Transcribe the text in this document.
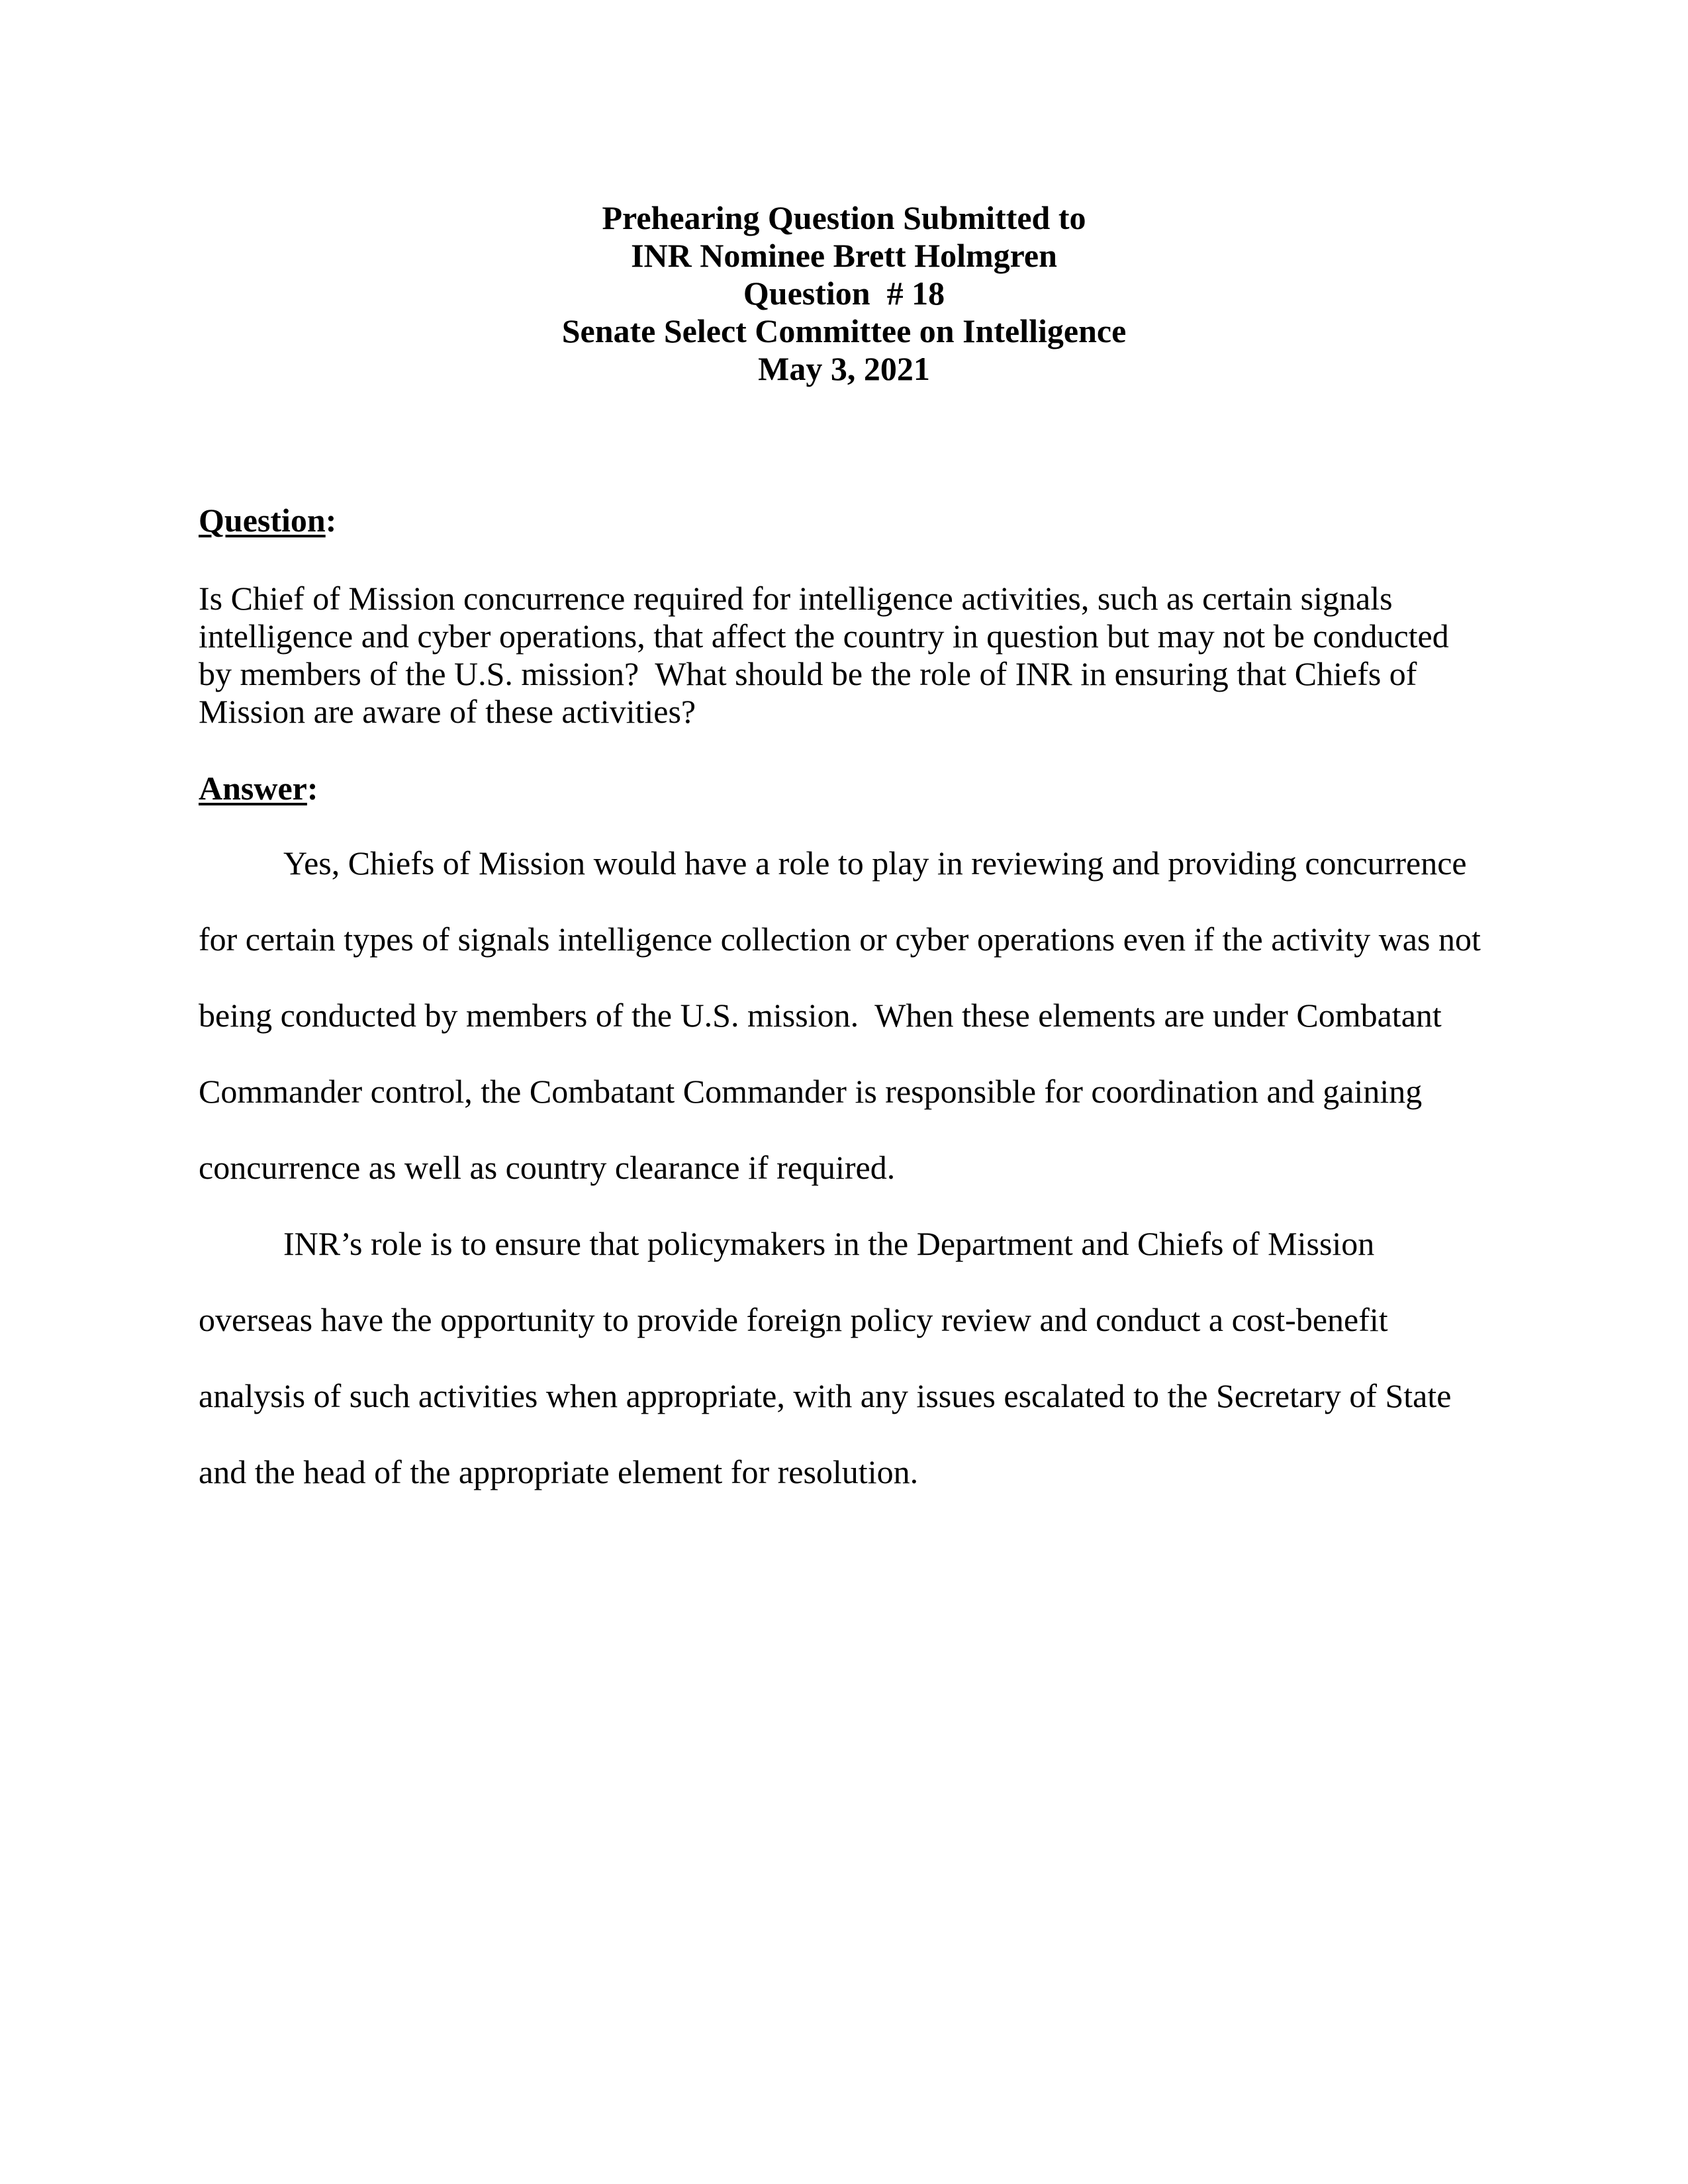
Prehearing Question Submitted to
INR Nominee Brett Holmgren
Question  # 18
Senate Select Committee on Intelligence
May 3, 2021
Question:
Is Chief of Mission concurrence required for intelligence activities, such as certain signals
intelligence and cyber operations, that affect the country in question but may not be conducted
by members of the U.S. mission?  What should be the role of INR in ensuring that Chiefs of
Mission are aware of these activities?
Answer:
Yes, Chiefs of Mission would have a role to play in reviewing and providing concurrence
for certain types of signals intelligence collection or cyber operations even if the activity was not
being conducted by members of the U.S. mission.  When these elements are under Combatant
Commander control, the Combatant Commander is responsible for coordination and gaining
concurrence as well as country clearance if required.
INR’s role is to ensure that policymakers in the Department and Chiefs of Mission
overseas have the opportunity to provide foreign policy review and conduct a cost-benefit
analysis of such activities when appropriate, with any issues escalated to the Secretary of State
and the head of the appropriate element for resolution.
